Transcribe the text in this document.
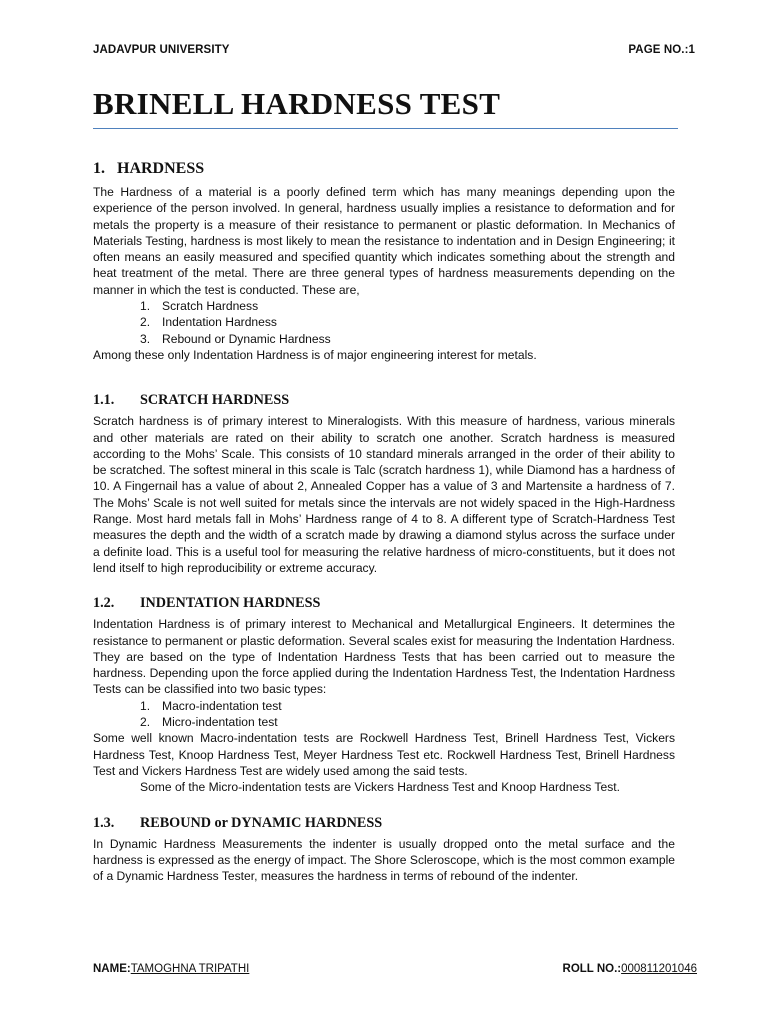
JADAVPUR UNIVERSITY	PAGE NO.:1
BRINELL HARDNESS TEST
1. HARDNESS

The Hardness of a material is a poorly defined term which has many meanings depending upon the experience of the person involved. In general, hardness usually implies a resistance to deformation and for metals the property is a measure of their resistance to permanent or plastic deformation. In Mechanics of Materials Testing, hardness is most likely to mean the resistance to indentation and in Design Engineering; it often means an easily measured and specified quantity which indicates something about the strength and heat treatment of the metal. There are three general types of hardness measurements depending on the manner in which the test is conducted. These are,

1. Scratch Hardness
2. Indentation Hardness
3. Rebound or Dynamic Hardness

Among these only Indentation Hardness is of major engineering interest for metals.

1.1. SCRATCH HARDNESS

Scratch hardness is of primary interest to Mineralogists. With this measure of hardness, various minerals and other materials are rated on their ability to scratch one another. Scratch hardness is measured according to the Mohs’ Scale. This consists of 10 standard minerals arranged in the order of their ability to be scratched. The softest mineral in this scale is Talc (scratch hardness 1), while Diamond has a hardness of 10. A Fingernail has a value of about 2, Annealed Copper has a value of 3 and Martensite a hardness of 7. The Mohs’ Scale is not well suited for metals since the intervals are not widely spaced in the High-Hardness Range. Most hard metals fall in Mohs’ Hardness range of 4 to 8. A different type of Scratch-Hardness Test measures the depth and the width of a scratch made by drawing a diamond stylus across the surface under a definite load. This is a useful tool for measuring the relative hardness of micro-constituents, but it does not lend itself to high reproducibility or extreme accuracy.

1.2. INDENTATION HARDNESS

Indentation Hardness is of primary interest to Mechanical and Metallurgical Engineers. It determines the resistance to permanent or plastic deformation. Several scales exist for measuring the Indentation Hardness. They are based on the type of Indentation Hardness Tests that has been carried out to measure the hardness. Depending upon the force applied during the Indentation Hardness Test, the Indentation Hardness Tests can be classified into two basic types:

1. Macro-indentation test
2. Micro-indentation test

Some well known Macro-indentation tests are Rockwell Hardness Test, Brinell Hardness Test, Vickers Hardness Test, Knoop Hardness Test, Meyer Hardness Test etc. Rockwell Hardness Test, Brinell Hardness Test and Vickers Hardness Test are widely used among the said tests.

Some of the Micro-indentation tests are Vickers Hardness Test and Knoop Hardness Test.

1.3. REBOUND or DYNAMIC HARDNESS

In Dynamic Hardness Measurements the indenter is usually dropped onto the metal surface and the hardness is expressed as the energy of impact. The Shore Scleroscope, which is the most common example of a Dynamic Hardness Tester, measures the hardness in terms of rebound of the indenter.

NAME:TAMOGHNA TRIPATHI	ROLL NO.:000811201046
